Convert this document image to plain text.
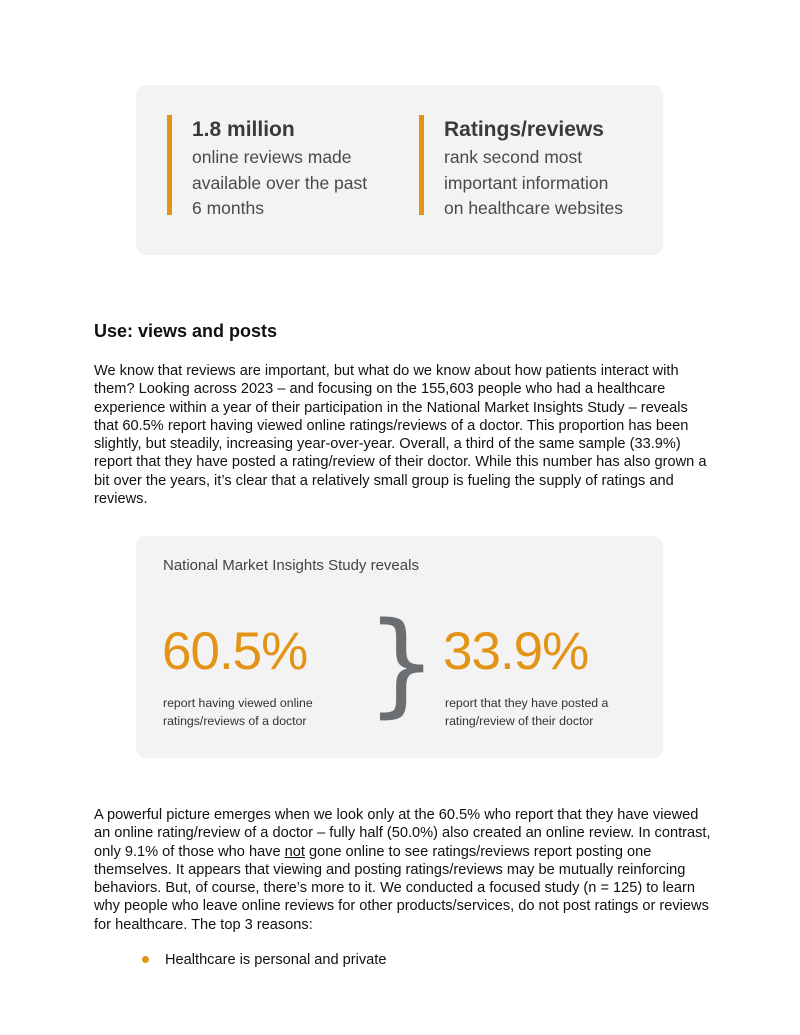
1.8 million
online reviews made
available over the past
6 months
Ratings/reviews
rank second most
important information
on healthcare websites
Use: views and posts

We know that reviews are important, but what do we know about how patients interact with them? Looking across 2023 – and focusing on the 155,603 people who had a healthcare experience within a year of their participation in the National Market Insights Study – reveals that 60.5% report having viewed online ratings/reviews of a doctor. This proportion has been slightly, but steadily, increasing year-over-year. Overall, a third of the same sample (33.9%) report that they have posted a rating/review of their doctor. While this number has also grown a bit over the years, it’s clear that a relatively small group is fueling the supply of ratings and reviews.

National Market Insights Study reveals
60.5% } 33.9%
report having viewed online
ratings/reviews of a doctor
report that they have posted a
rating/review of their doctor

A powerful picture emerges when we look only at the 60.5% who report that they have viewed an online rating/review of a doctor – fully half (50.0%) also created an online review. In contrast, only 9.1% of those who have not gone online to see ratings/reviews report posting one themselves. It appears that viewing and posting ratings/reviews may be mutually reinforcing behaviors. But, of course, there’s more to it. We conducted a focused study (n = 125) to learn why people who leave online reviews for other products/services, do not post ratings or reviews for healthcare. The top 3 reasons:

Healthcare is personal and private
